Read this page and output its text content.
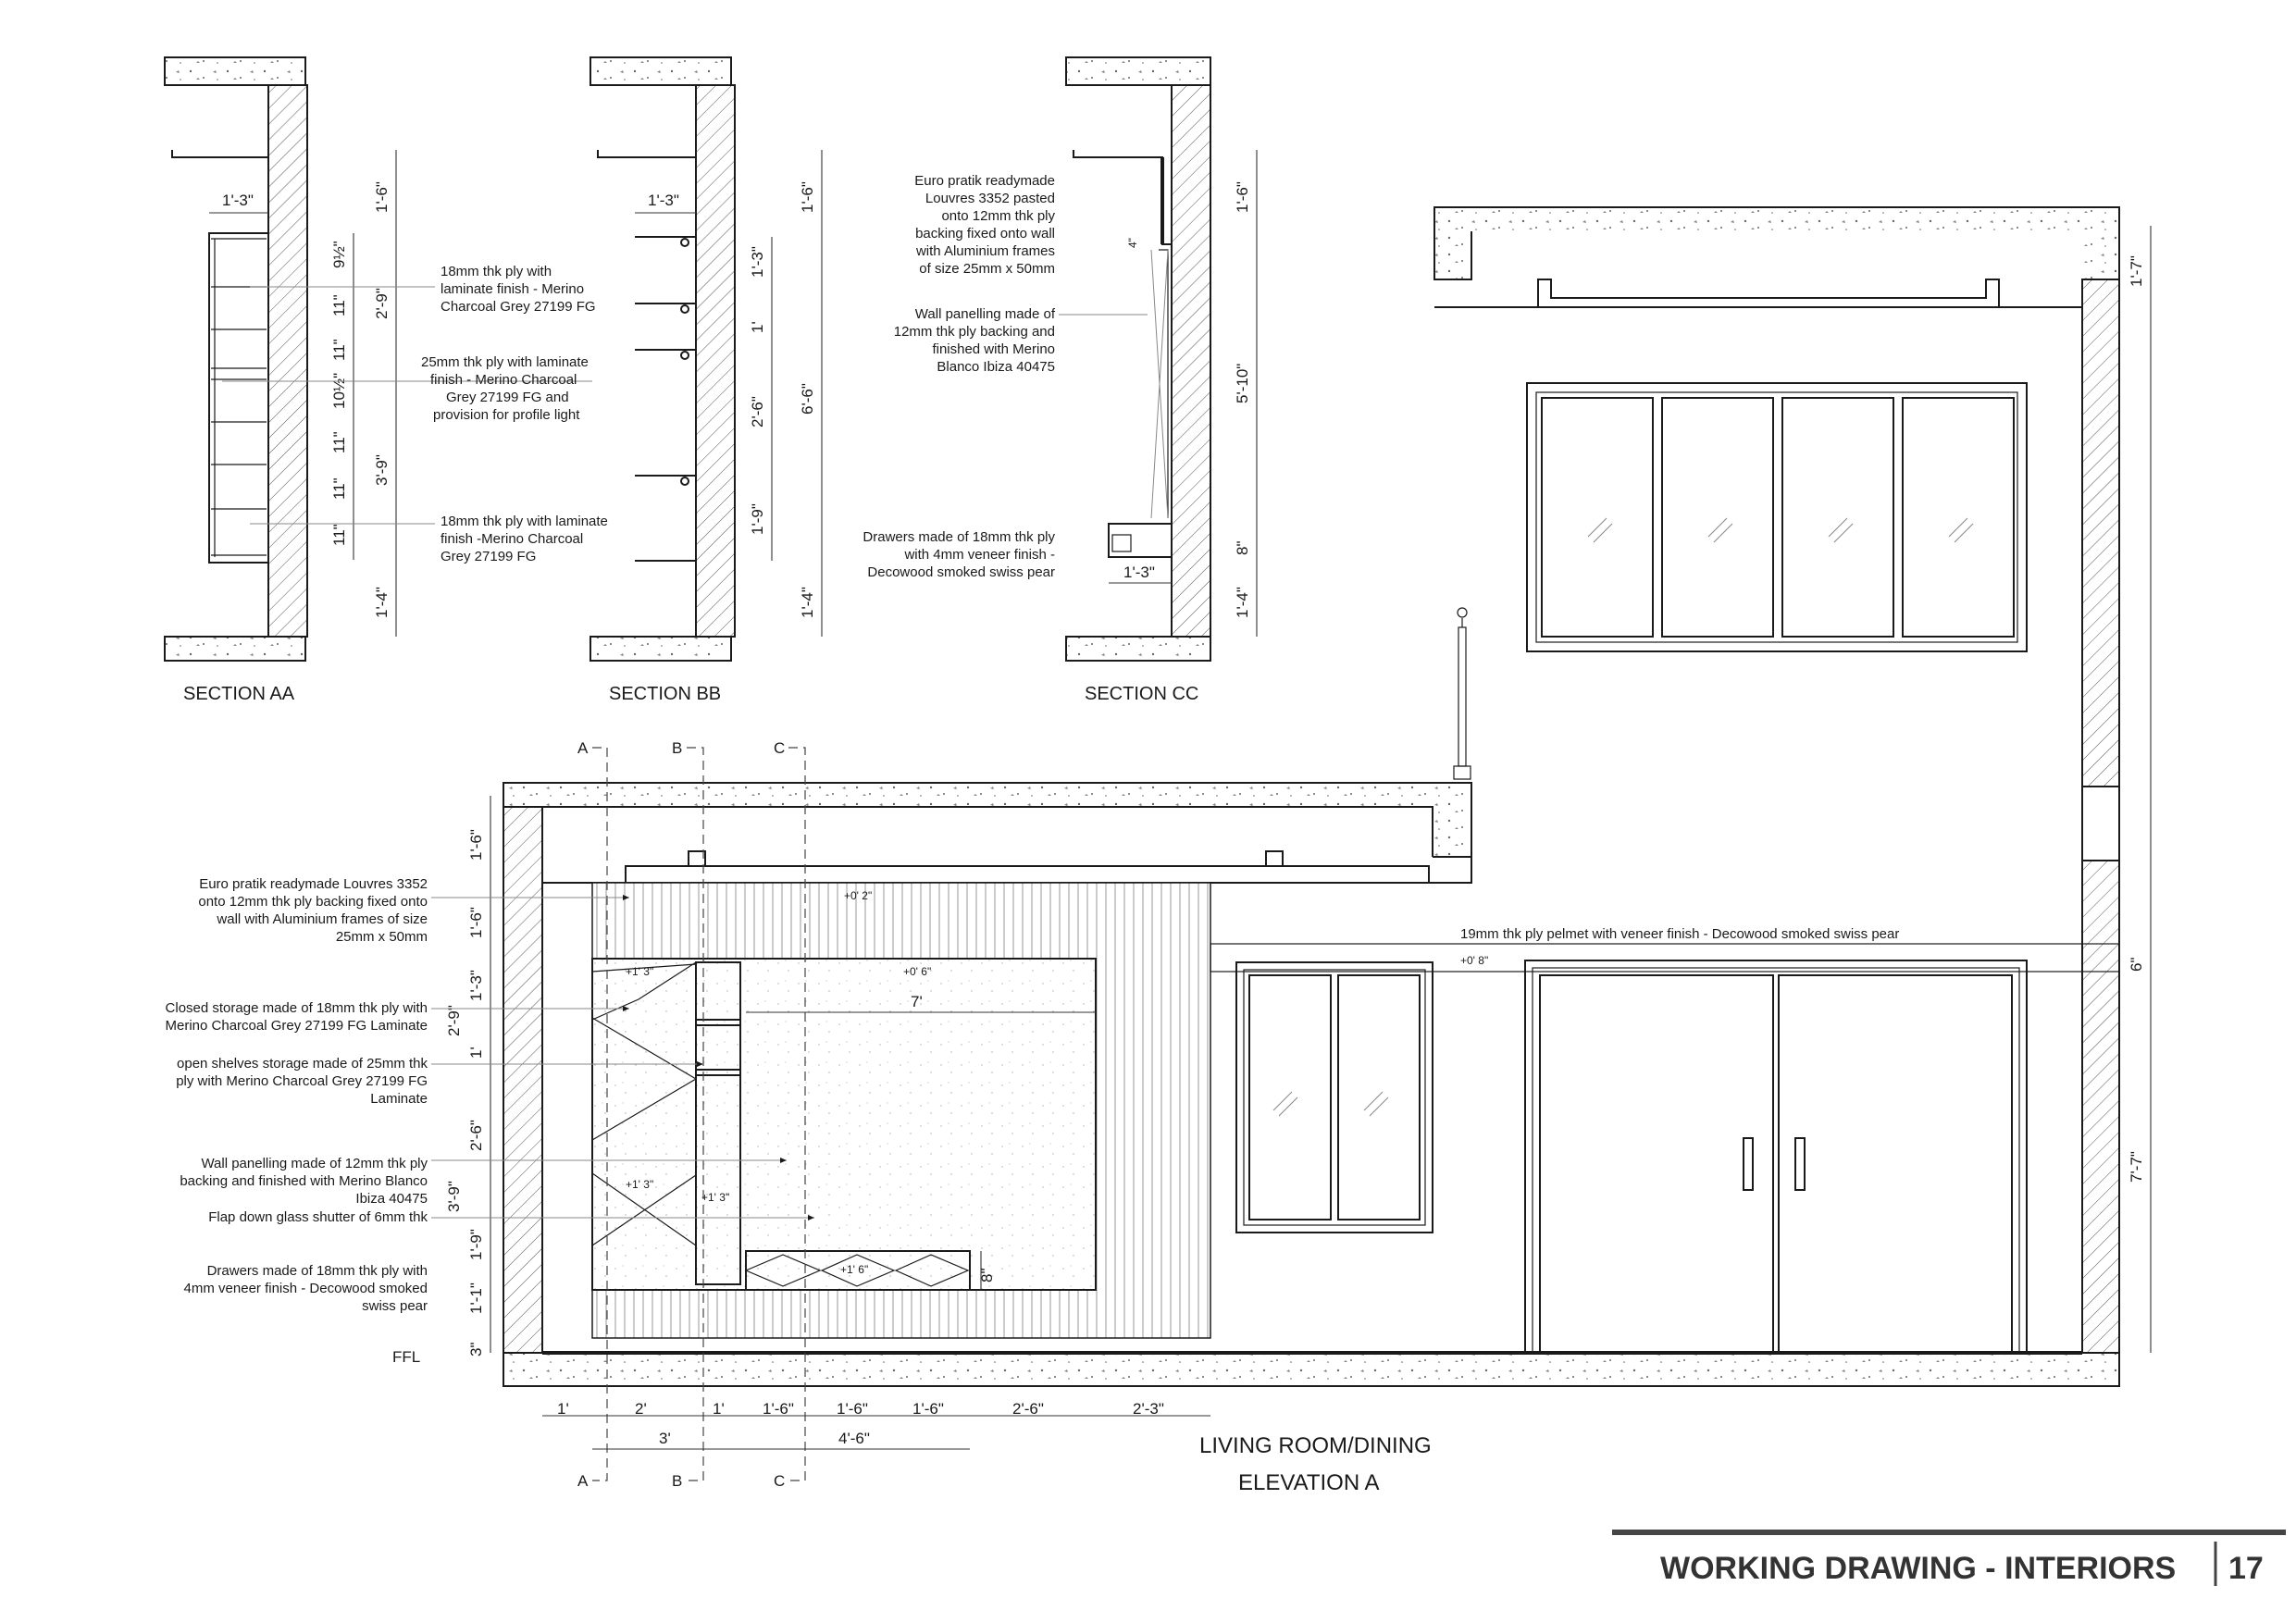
1'-3"
9½"
11"
11"
10½"
11"
11"
11"
1'-6"
2'-9"
3'-9"
1'-4"
18mm thk ply with
laminate finish - Merino
Charcoal Grey 27199 FG
25mm thk ply with laminate
finish - Merino Charcoal
Grey 27199 FG and
provision for profile light
18mm thk ply with laminate
finish -Merino Charcoal
Grey 27199 FG
SECTION AA
1'-3"
1'-3"
1'
2'-6"
1'-9"
1'-6"
6'-6"
1'-4"
SECTION BB
1'-3"
4"
1'-6"
5'-10"
8"
1'-4"
Euro pratik readymade
Louvres 3352 pasted
onto 12mm thk ply
backing fixed onto wall
with Aluminium frames
of size 25mm x 50mm
Wall panelling made of
12mm thk ply backing and
finished with Merino
Blanco Ibiza 40475
Drawers made of 18mm thk ply
with 4mm veneer finish -
Decowood smoked swiss pear
SECTION CC
A	B	C
A	B	C
19mm thk ply pelmet with veneer finish - Decowood smoked swiss pear
+0' 2"
+1' 3"	+0' 6"
+1' 3"
+1' 3"
+1' 6"
+0' 8"
7'
8"
1'-6"
1'-6"
1'-3"
1'
2'-6"
1'-9"
1'-1"
3"
2'-9"
3'-9"
FFL
1'-7"
6"
7'-7"
1'	2'	1' 1'-6"	1'-6"	1'-6"	2'-6"	2'-3"
3'	4'-6"
Euro pratik readymade Louvres 3352
onto 12mm thk ply backing fixed onto
wall with Aluminium frames of size
25mm x 50mm
Closed storage made of 18mm thk ply with
Merino Charcoal Grey 27199 FG Laminate
open shelves storage made of 25mm thk
ply with Merino Charcoal Grey 27199 FG
Laminate
Wall panelling made of 12mm thk ply
backing and finished with Merino Blanco
Ibiza 40475
Flap down glass shutter of 6mm thk
Drawers made of 18mm thk ply with
4mm veneer finish - Decowood smoked
swiss pear
LIVING ROOM/DINING
ELEVATION A
WORKING DRAWING - INTERIORS 17
